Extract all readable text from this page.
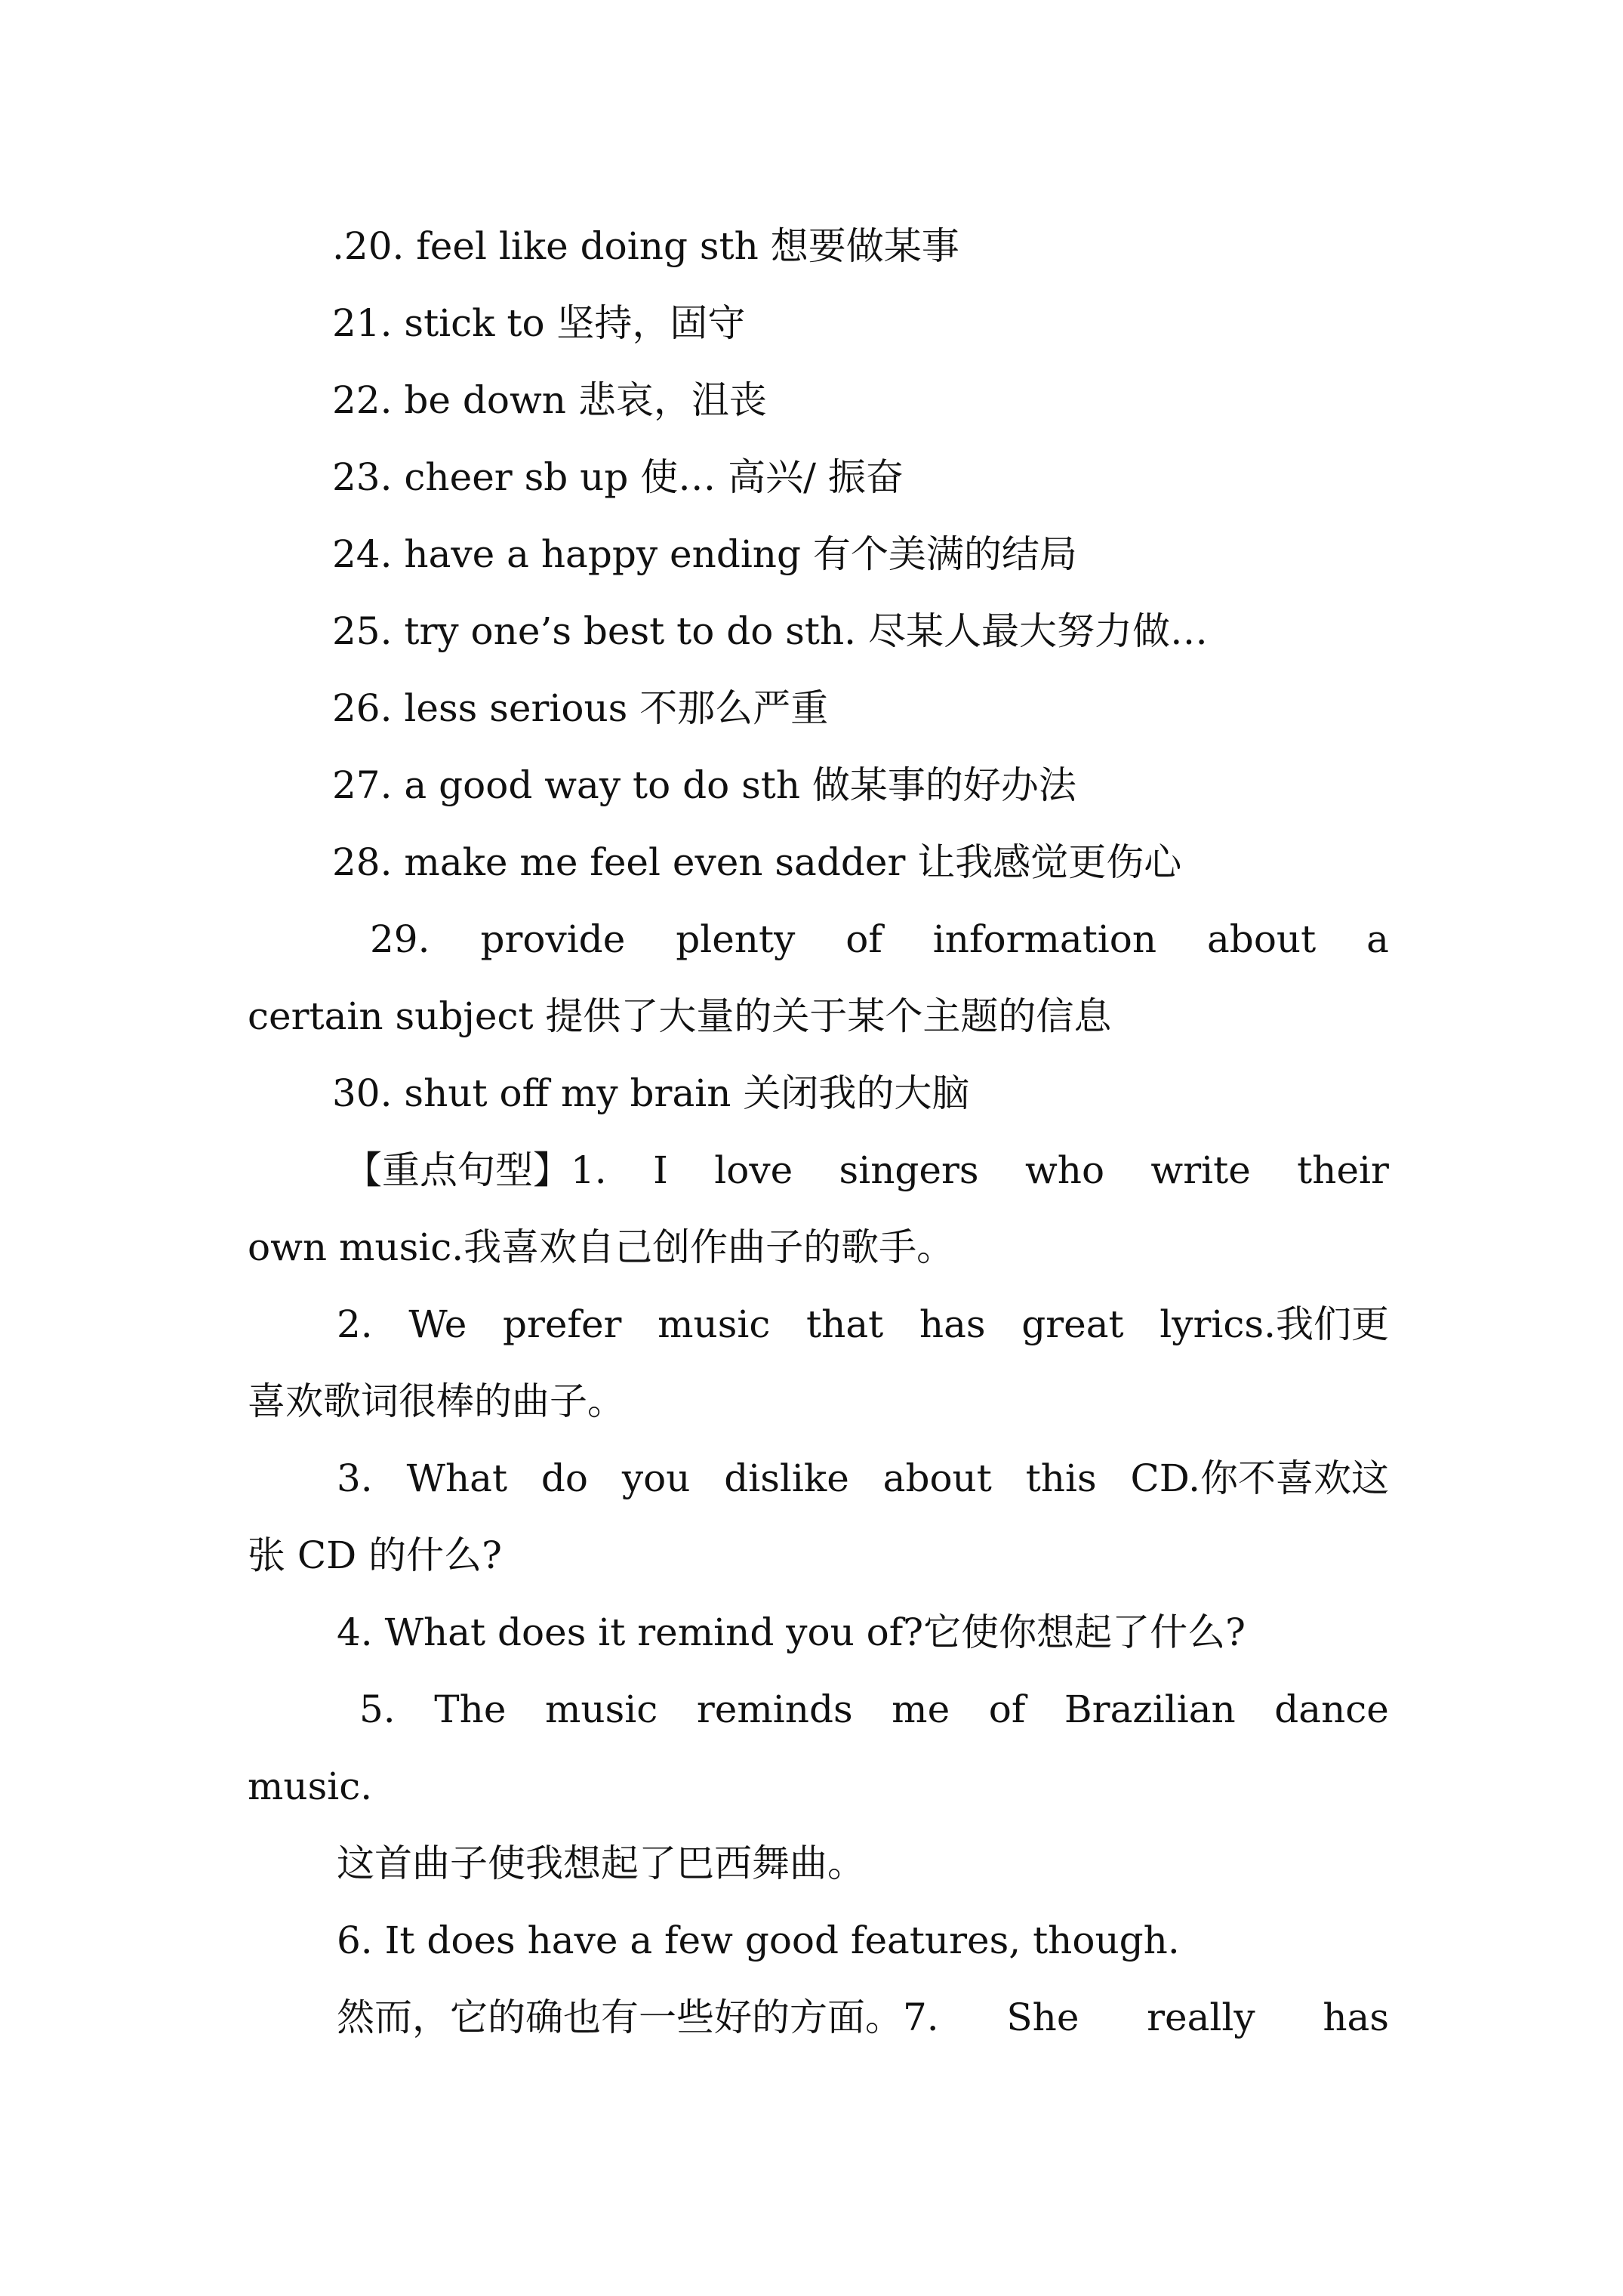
.20. feel like doing sth 想要做某事
21. stick to 坚持，固守
22. be down 悲哀，沮丧
23. cheer sb up 使… 高兴/ 振奋
24. have a happy ending 有个美满的结局
25. try one’s best to do sth. 尽某人最大努力做…
26. less serious 不那么严重
27. a good way to do sth 做某事的好办法
28. make me feel even sadder 让我感觉更伤心
29. provide plenty of information about a
certain subject 提供了大量的关于某个主题的信息
30. shut off my brain 关闭我的大脑
【重点句型】1. I love singers who write their
own music.我喜欢自己创作曲子的歌手。
2. We prefer music that has great lyrics.我们更
喜欢歌词很棒的曲子。
3. What do you dislike about this CD.你不喜欢这
张 CD 的什么?
4. What does it remind you of?它使你想起了什么?
5. The music reminds me of Brazilian dance
music.
这首曲子使我想起了巴西舞曲。
6. It does have a few good features, though.
然而，它的确也有一些好的方面。7. She really has
